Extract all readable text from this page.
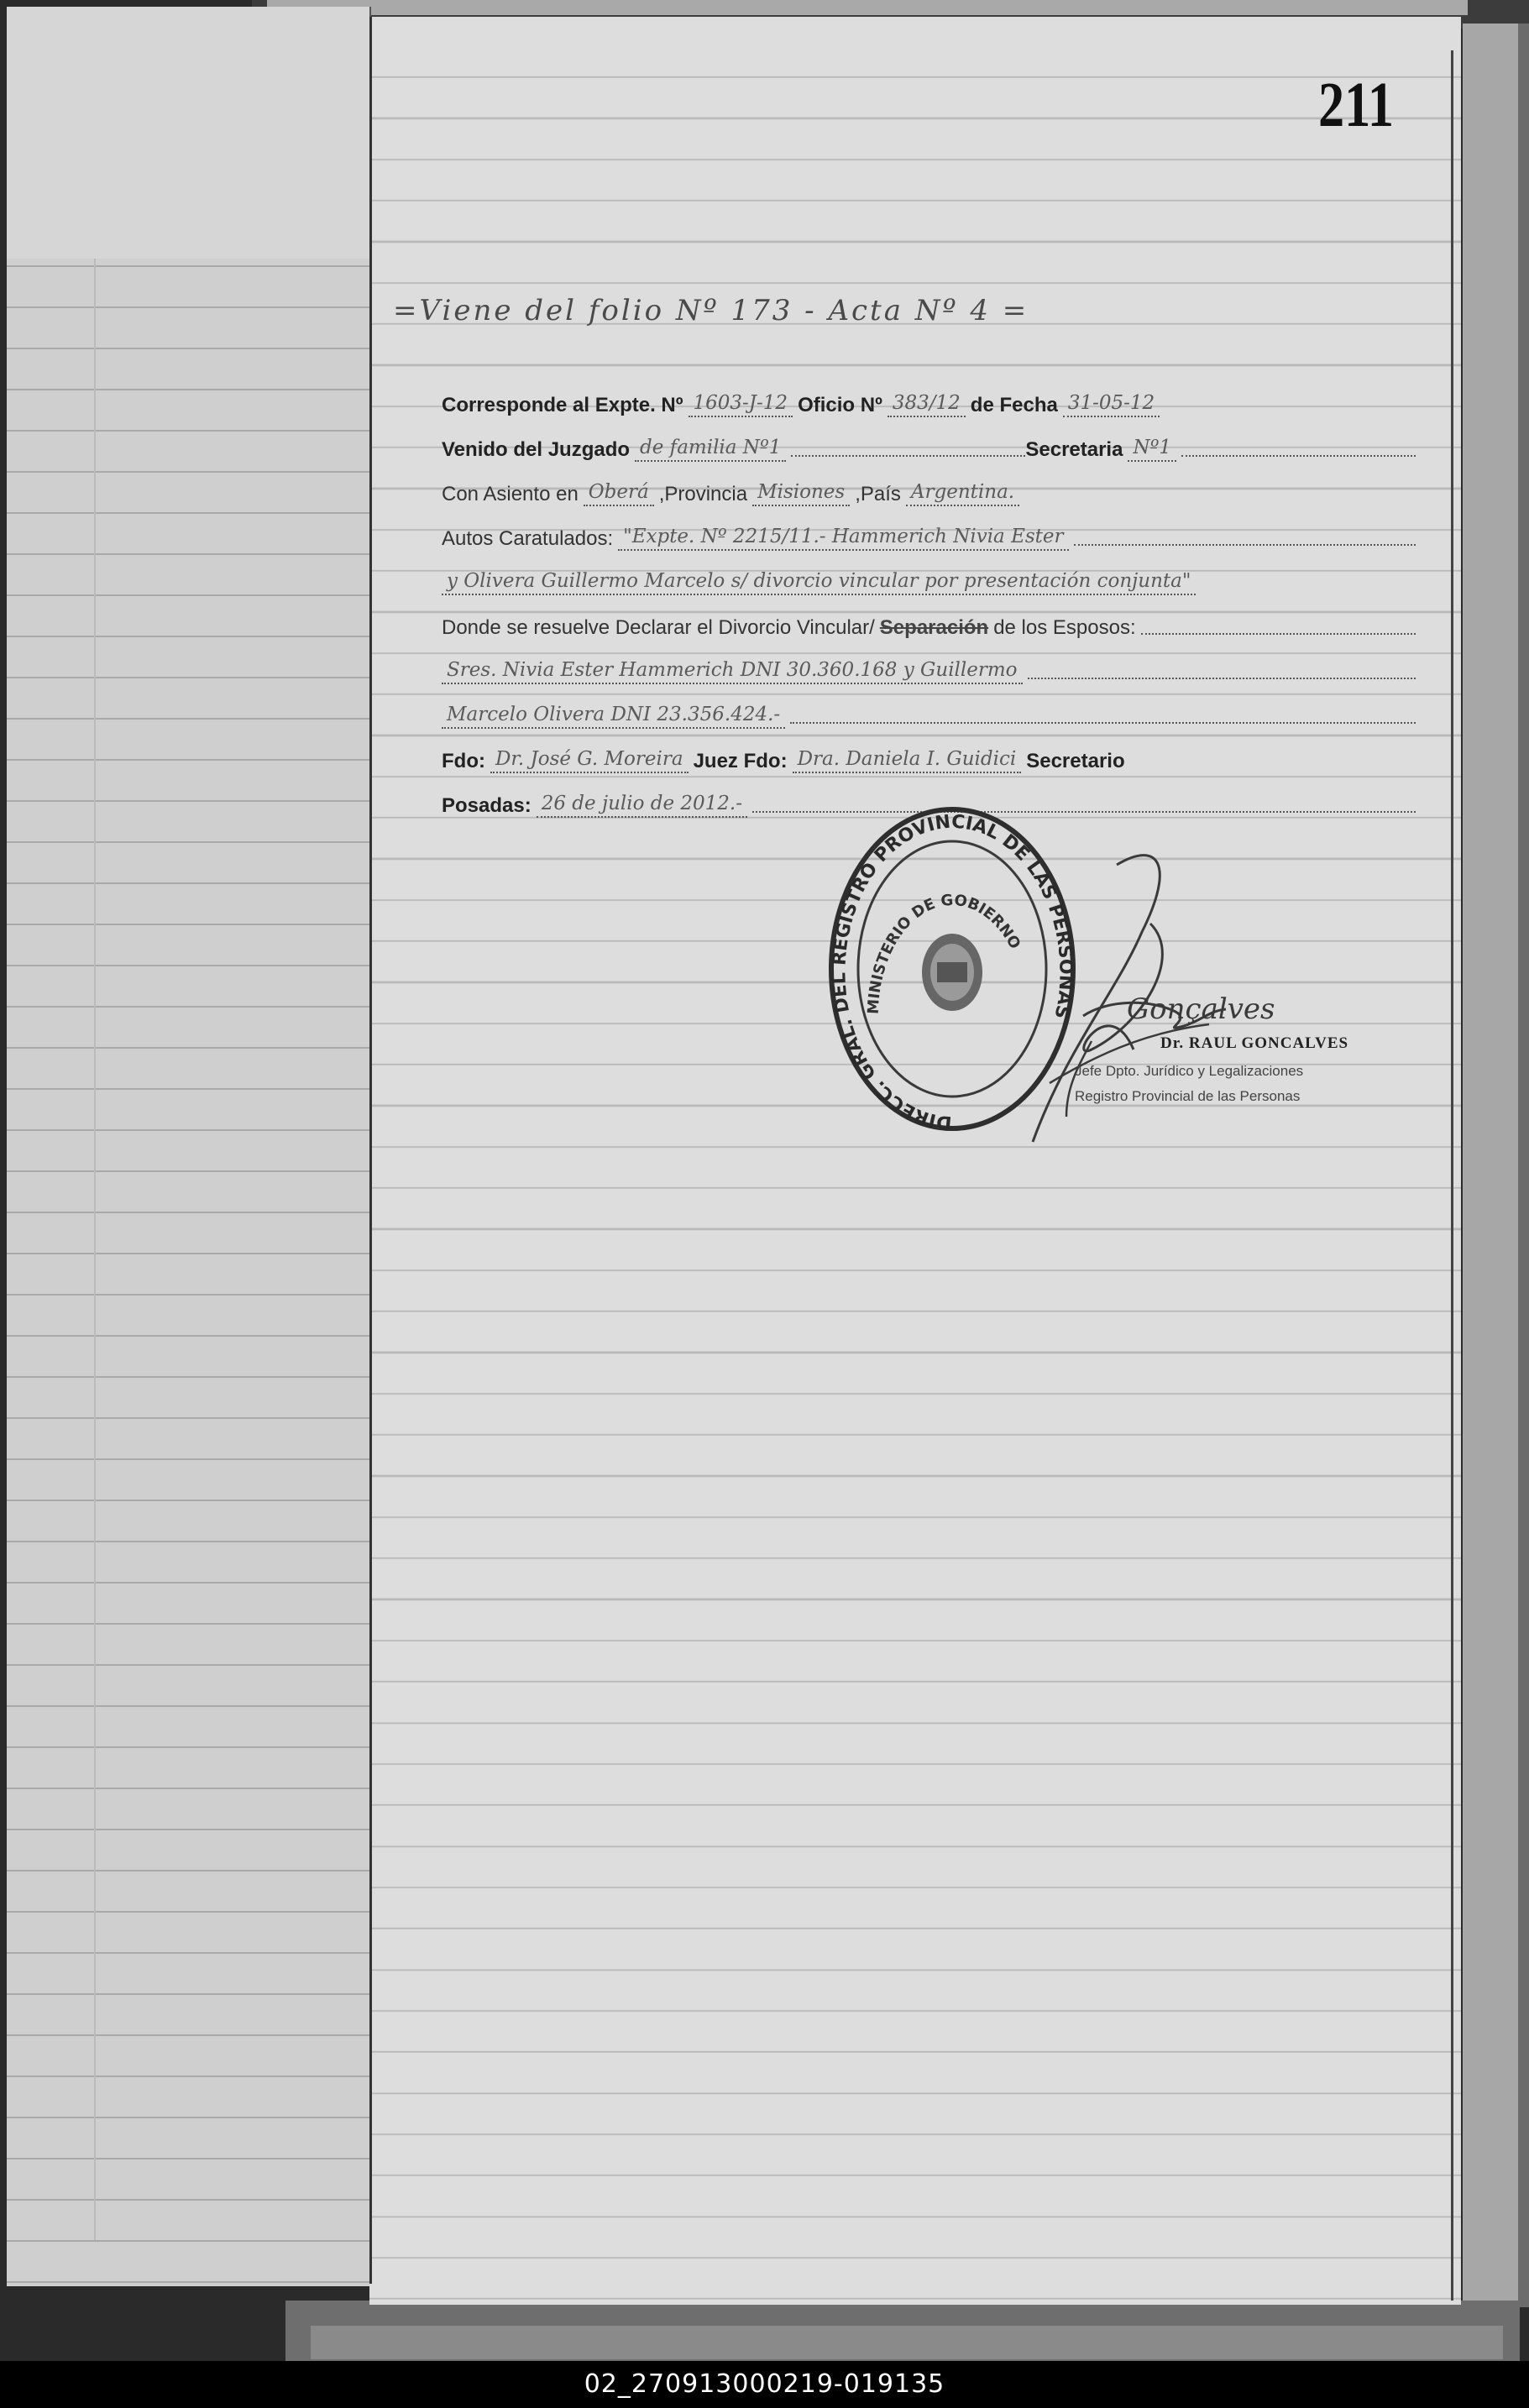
211
=Viene del folio Nº 173 - Acta Nº 4 =
Corresponde al Expte. Nº 1603-J-12 Oficio Nº 383/12 de Fecha 31-05-12
Venido del Juzgado de familia Nº1	Secretaria Nº1
Con Asiento en Oberá ,Provincia Misiones ,País Argentina.
Autos Caratulados: "Expte. Nº 2215/11.- Hammerich Nivia Ester
y Olivera Guillermo Marcelo s/ divorcio vincular por presentación conjunta"
Donde se resuelve Declarar el Divorcio Vincular/ Separación de los Esposos:
Sres. Nivia Ester Hammerich DNI 30.360.168 y Guillermo
Marcelo Olivera DNI 23.356.424.-
Fdo: Dr. José G. Moreira Juez Fdo: Dra. Daniela I. Guidici Secretario
Posadas: 26 de julio de 2012.-
DIRECC. GRAL. DEL REGISTRO PROVINCIAL DE LAS PERSONAS
MINISTERIO DE GOBIERNO
Gonçalves
Dr. RAUL GONCALVES
Jefe Dpto. Jurídico y Legalizaciones
Registro Provincial de las Personas
02_270913000219-019135
